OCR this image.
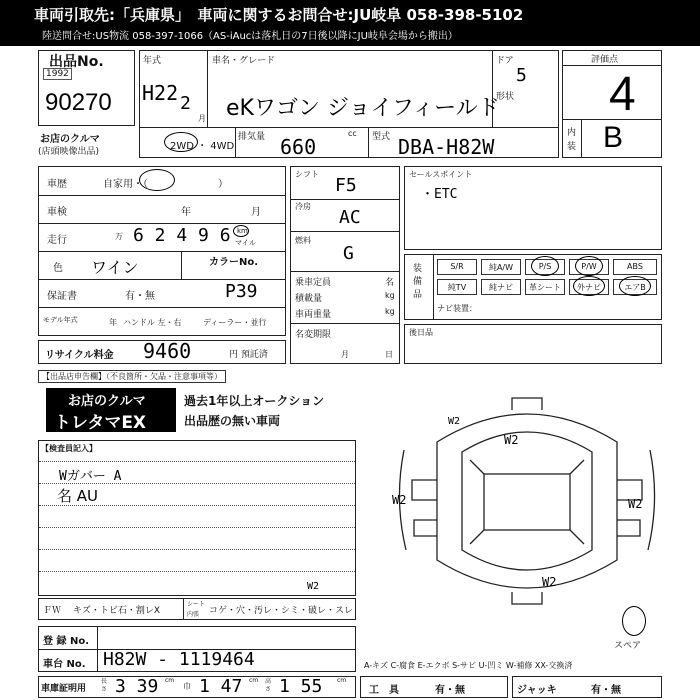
車両引取先:「兵庫県」　車両に関するお問合せ:JU岐阜 058-398-5102
陸送問合せ:US物流 058-397-1066（AS-iAucは落札日の7日後以降にJU岐阜会場から搬出）
出品No.
1992
90270
お店のクルマ
(店頭映像出品)
年式
H22 2
月
車名・グレード
eKワゴン ジョイフィールド
ドア
5
形状
2WD ・ 4WD
排気量 660
cc 型式 DBA-H82W
評価点
4
内
装 B
車歴	自家用・（　　　　　　　）
車検	年	月
走行	万 6 2 4 9 6 km
マイル
色 ワイン	カラーNo.
保証書	有・無	P39
モデル年式	年 ハンドル 左・右	ディーラー・並行
リサイクル料金 9460	円 預託済
シフト
F5
冷房
AC
燃料
G
乗車定員	名
積載量	kg
車両重量	kg
名変期限
月	日
セールスポイント
・ETC
装備品
S/R	純A/W	P/S	P/W	ABS
純TV	純ナビ	革シート	外ナビ	エアB
ナビ装置：
後日品
【出品店申告欄】（不良箇所・欠品・注意事項等）
お店のクルマ
トレタマEX
過去1年以上オークション
出品歴の無い車両
【検査員記入】
Wガバー A
名 AU
W2
W2	W2
W2
W2
スペア
ＦＷ キズ・トビ石・割レX
シート
内張 コゲ・穴・汚レ・シミ・破レ・スレ
W2
登 録 No.
車台 No. H82W - 1119464	A-キズ C-腐食 E-エクボ S-サビ U-凹ミ W-補修 XX-交換済
車庫証明用
長さ 3 39 cm
巾 1 47 cm 高さ 1 55 cm
工　具	有・無	ジャッキ	有・無
